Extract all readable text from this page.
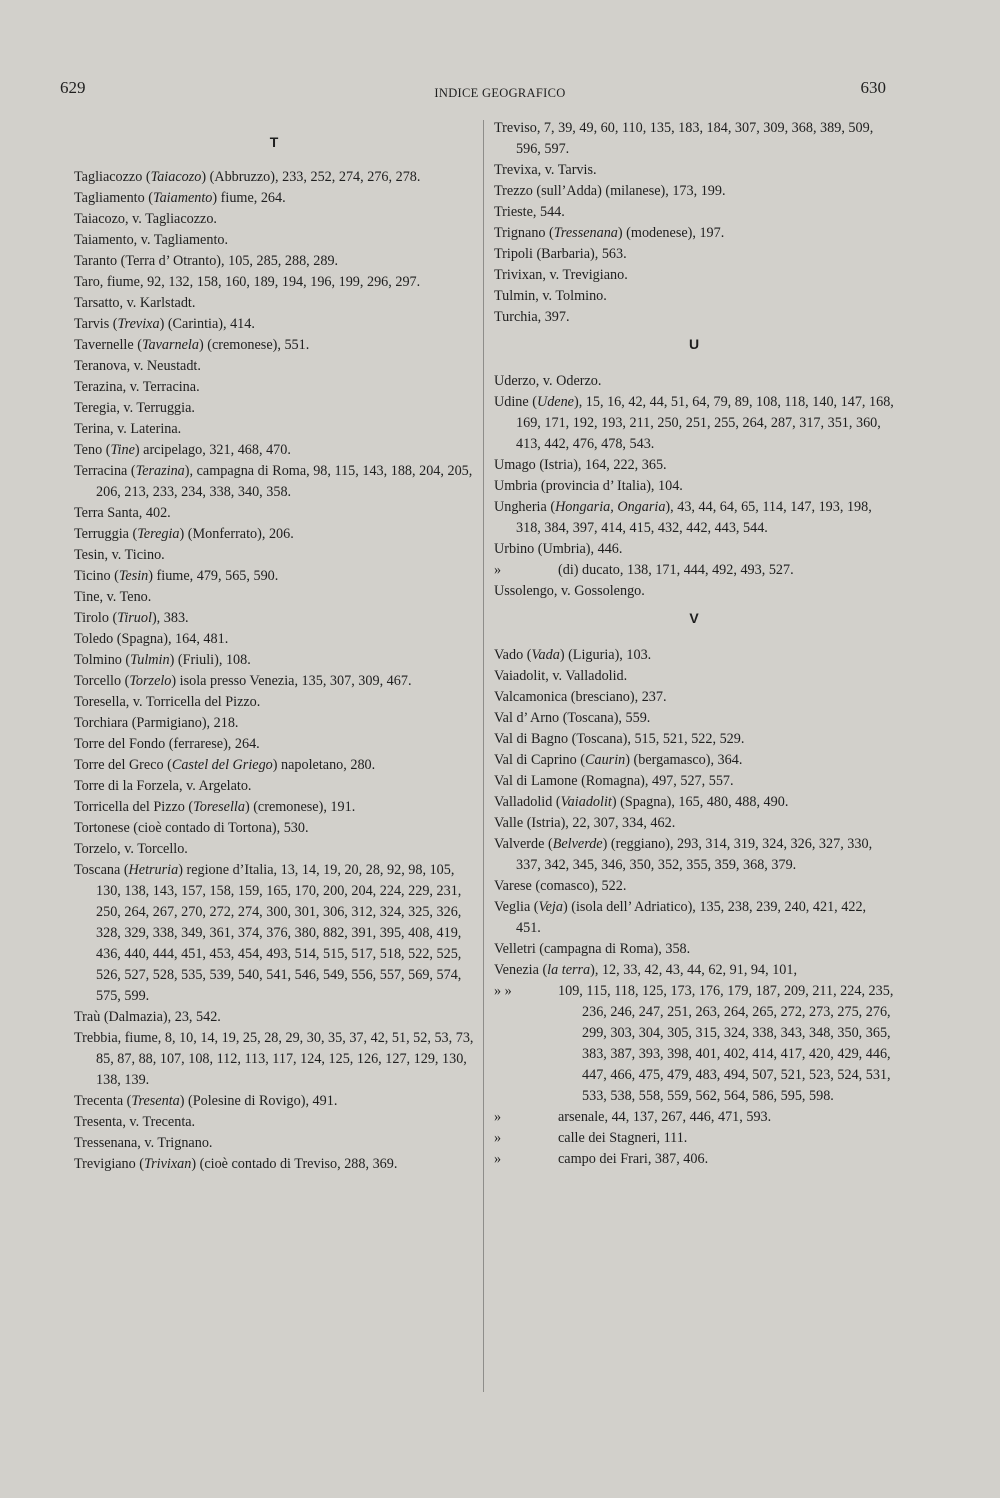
629	INDICE GEOGRAFICO	630
T
Tagliacozzo (Taiacozo) (Abbruzzo), 233, 252, 274, 276, 278.
Tagliamento (Taiamento) fiume, 264.
Taiacozo, v. Tagliacozzo.
Taiamento, v. Tagliamento.
Taranto (Terra d’ Otranto), 105, 285, 288, 289.
Taro, fiume, 92, 132, 158, 160, 189, 194, 196, 199, 296, 297.
Tarsatto, v. Karlstadt.
Tarvis (Trevixa) (Carintia), 414.
Tavernelle (Tavarnela) (cremonese), 551.
Teranova, v. Neustadt.
Terazina, v. Terracina.
Teregia, v. Terruggia.
Terina, v. Laterina.
Teno (Tine) arcipelago, 321, 468, 470.
Terracina (Terazina), campagna di Roma, 98, 115, 143, 188, 204, 205, 206, 213, 233, 234, 338, 340, 358.
Terra Santa, 402.
Terruggia (Teregia) (Monferrato), 206.
Tesin, v. Ticino.
Ticino (Tesin) fiume, 479, 565, 590.
Tine, v. Teno.
Tirolo (Tiruol), 383.
Toledo (Spagna), 164, 481.
Tolmino (Tulmin) (Friuli), 108.
Torcello (Torzelo) isola presso Venezia, 135, 307, 309, 467.
Toresella, v. Torricella del Pizzo.
Torchiara (Parmigiano), 218.
Torre del Fondo (ferrarese), 264.
Torre del Greco (Castel del Griego) napoletano, 280.
Torre di la Forzela, v. Argelato.
Torricella del Pizzo (Toresella) (cremonese), 191.
Tortonese (cioè contado di Tortona), 530.
Torzelo, v. Torcello.
Toscana (Hetruria) regione d’Italia, 13, 14, 19, 20, 28, 92, 98, 105, 130, 138, 143, 157, 158, 159, 165, 170, 200, 204, 224, 229, 231, 250, 264, 267, 270, 272, 274, 300, 301, 306, 312, 324, 325, 326, 328, 329, 338, 349, 361, 374, 376, 380, 882, 391, 395, 408, 419, 436, 440, 444, 451, 453, 454, 493, 514, 515, 517, 518, 522, 525, 526, 527, 528, 535, 539, 540, 541, 546, 549, 556, 557, 569, 574, 575, 599.
Traù (Dalmazia), 23, 542.
Trebbia, fiume, 8, 10, 14, 19, 25, 28, 29, 30, 35, 37, 42, 51, 52, 53, 73, 85, 87, 88, 107, 108, 112, 113, 117, 124, 125, 126, 127, 129, 130, 138, 139.
Trecenta (Tresenta) (Polesine di Rovigo), 491.
Tresenta, v. Trecenta.
Tressenana, v. Trignano.
Trevigiano (Trivixan) (cioè contado di Treviso, 288, 369.
Treviso, 7, 39, 49, 60, 110, 135, 183, 184, 307, 309, 368, 389, 509, 596, 597.
Trevixa, v. Tarvis.
Trezzo (sull’Adda) (milanese), 173, 199.
Trieste, 544.
Trignano (Tressenana) (modenese), 197.
Tripoli (Barbaria), 563.
Trivixan, v. Trevigiano.
Tulmin, v. Tolmino.
Turchia, 397.
U
Uderzo, v. Oderzo.
Udine (Udene), 15, 16, 42, 44, 51, 64, 79, 89, 108, 118, 140, 147, 168, 169, 171, 192, 193, 211, 250, 251, 255, 264, 287, 317, 351, 360, 413, 442, 476, 478, 543.
Umago (Istria), 164, 222, 365.
Umbria (provincia d’ Italia), 104.
Ungheria (Hongaria, Ongaria), 43, 44, 64, 65, 114, 147, 193, 198, 318, 384, 397, 414, 415, 432, 442, 443, 544.
Urbino (Umbria), 446.
»	(di) ducato, 138, 171, 444, 492, 493, 527.
Ussolengo, v. Gossolengo.
V
Vado (Vada) (Liguria), 103.
Vaiadolit, v. Valladolid.
Valcamonica (bresciano), 237.
Val d’ Arno (Toscana), 559.
Val di Bagno (Toscana), 515, 521, 522, 529.
Val di Caprino (Caurin) (bergamasco), 364.
Val di Lamone (Romagna), 497, 527, 557.
Valladolid (Vaiadolit) (Spagna), 165, 480, 488, 490.
Valle (Istria), 22, 307, 334, 462.
Valverde (Belverde) (reggiano), 293, 314, 319, 324, 326, 327, 330, 337, 342, 345, 346, 350, 352, 355, 359, 368, 379.
Varese (comasco), 522.
Veglia (Veja) (isola dell’ Adriatico), 135, 238, 239, 240, 421, 422, 451.
Velletri (campagna di Roma), 358.
Venezia (la terra), 12, 33, 42, 43, 44, 62, 91, 94, 101,
» »	109, 115, 118, 125, 173, 176, 179, 187, 209, 211, 224, 235, 236, 246, 247, 251, 263, 264, 265, 272, 273, 275, 276, 299, 303, 304, 305, 315, 324, 338, 343, 348, 350, 365, 383, 387, 393, 398, 401, 402, 414, 417, 420, 429, 446, 447, 466, 475, 479, 483, 494, 507, 521, 523, 524, 531, 533, 538, 558, 559, 562, 564, 586, 595, 598.
»	arsenale, 44, 137, 267, 446, 471, 593.
»	calle dei Stagneri, 111.
»	campo dei Frari, 387, 406.
